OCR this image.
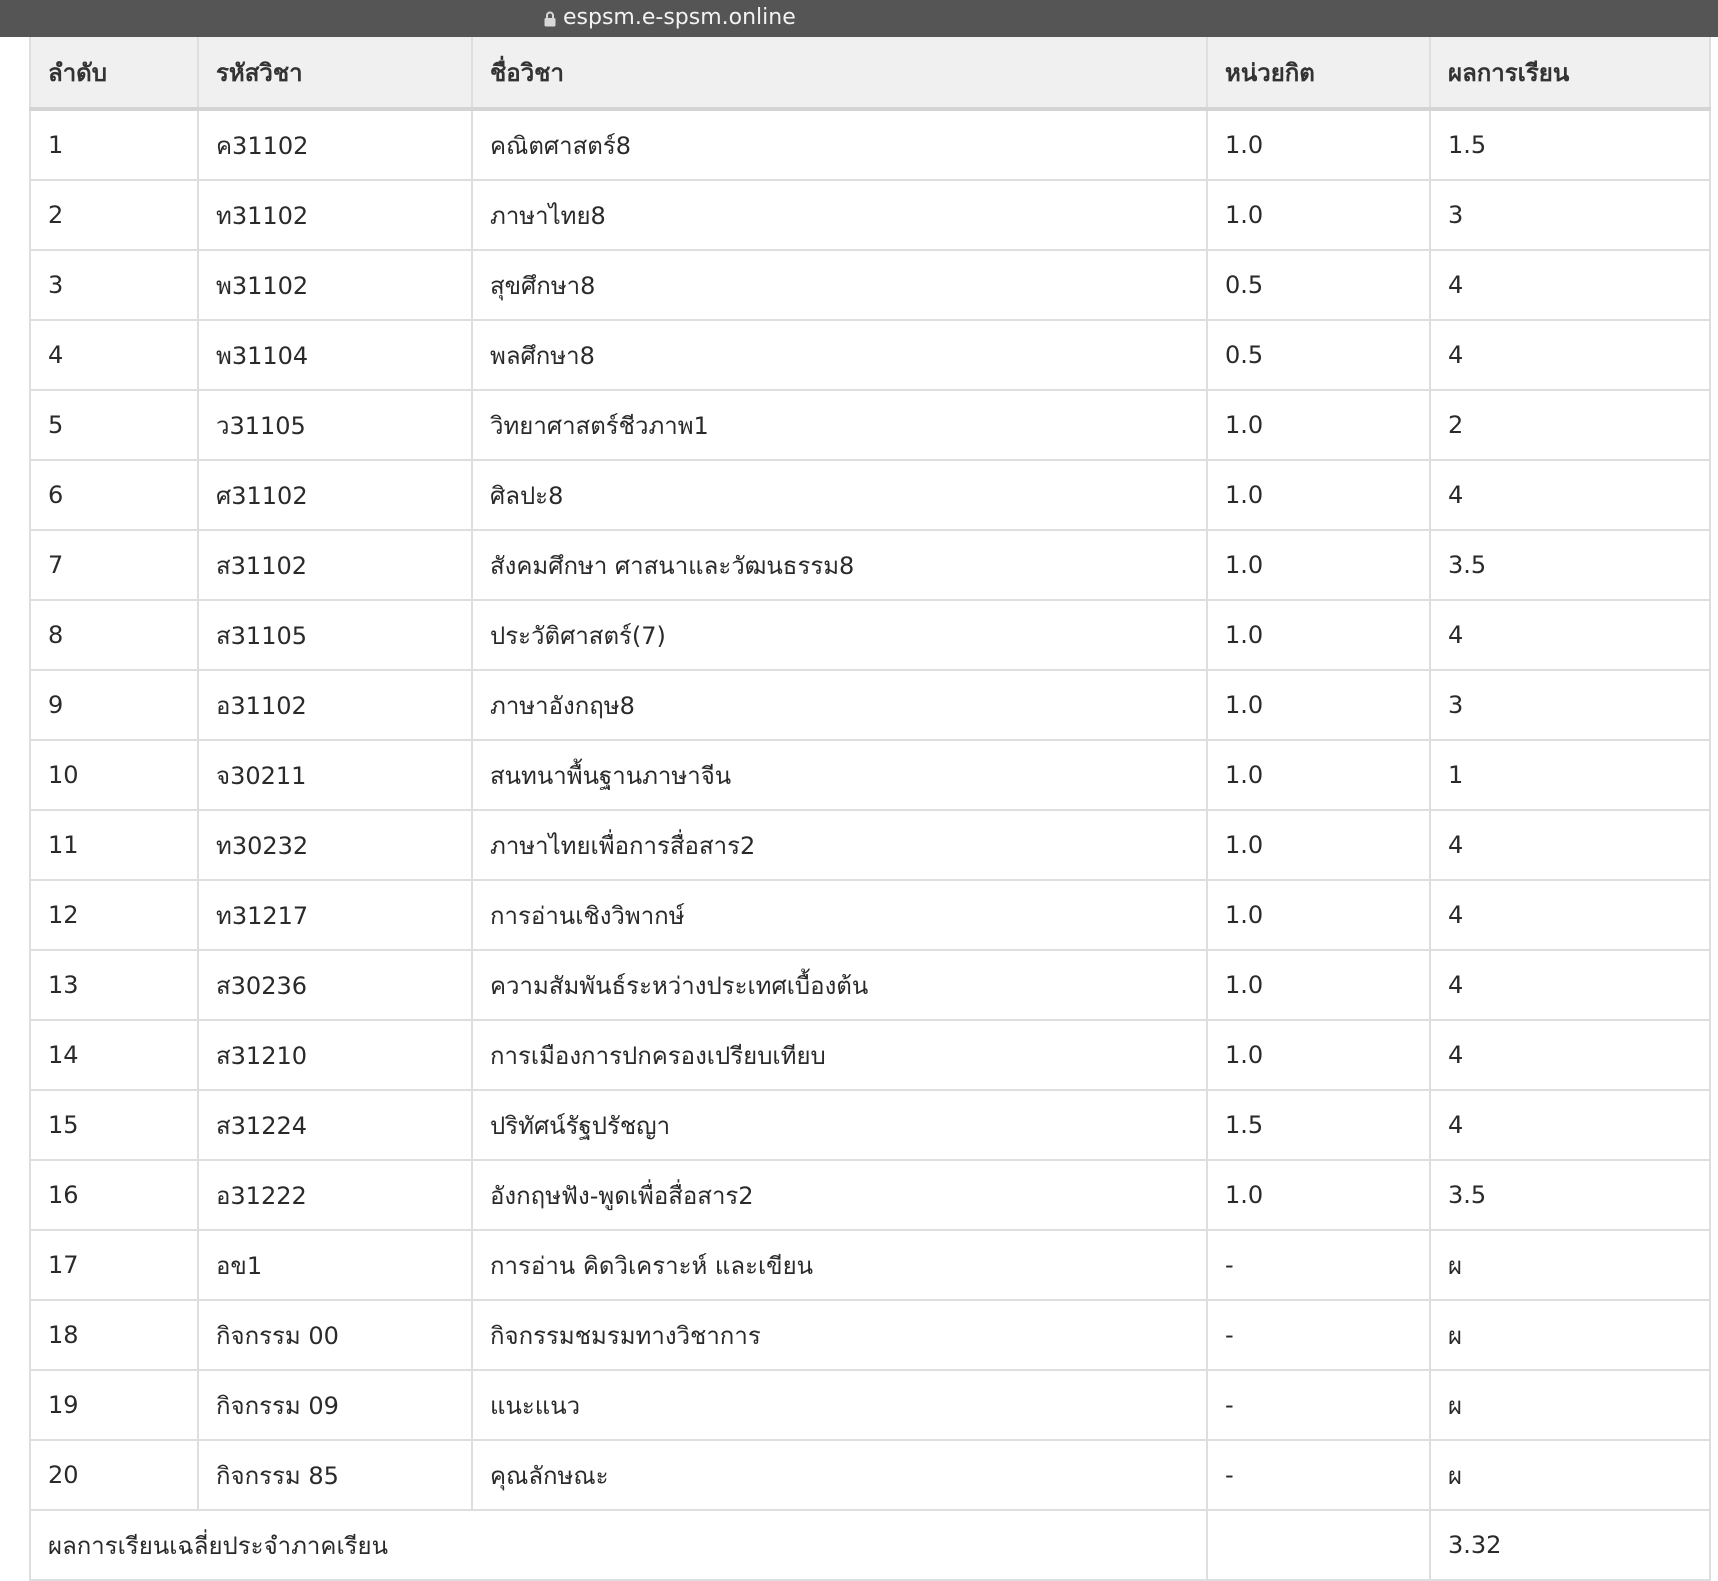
espsm.e-spsm.online
ลำดับ	รหัสวิชา	ชื่อวิชา	หน่วยกิต	ผลการเรียน
1	ค31102	คณิตศาสตร์8	1.0	1.5
2	ท31102	ภาษาไทย8	1.0	3
3	พ31102	สุขศึกษา8	0.5	4
4	พ31104	พลศึกษา8	0.5	4
5	ว31105	วิทยาศาสตร์ชีวภาพ1	1.0	2
6	ศ31102	ศิลปะ8	1.0	4
7	ส31102	สังคมศึกษา ศาสนาและวัฒนธรรม8	1.0	3.5
8	ส31105	ประวัติศาสตร์(7)	1.0	4
9	อ31102	ภาษาอังกฤษ8	1.0	3
10	จ30211	สนทนาพื้นฐานภาษาจีน	1.0	1
11	ท30232	ภาษาไทยเพื่อการสื่อสาร2	1.0	4
12	ท31217	การอ่านเชิงวิพากษ์	1.0	4
13	ส30236	ความสัมพันธ์ระหว่างประเทศเบื้องต้น	1.0	4
14	ส31210	การเมืองการปกครองเปรียบเทียบ	1.0	4
15	ส31224	ปริทัศน์รัฐปรัชญา	1.5	4
16	อ31222	อังกฤษฟัง-พูดเพื่อสื่อสาร2	1.0	3.5
17	อข1	การอ่าน คิดวิเคราะห์ และเขียน	-	ผ
18	กิจกรรม 00	กิจกรรมชมรมทางวิชาการ	-	ผ
19	กิจกรรม 09	แนะแนว	-	ผ
20	กิจกรรม 85	คุณลักษณะ	-	ผ
ผลการเรียนเฉลี่ยประจำภาคเรียน				3.32
